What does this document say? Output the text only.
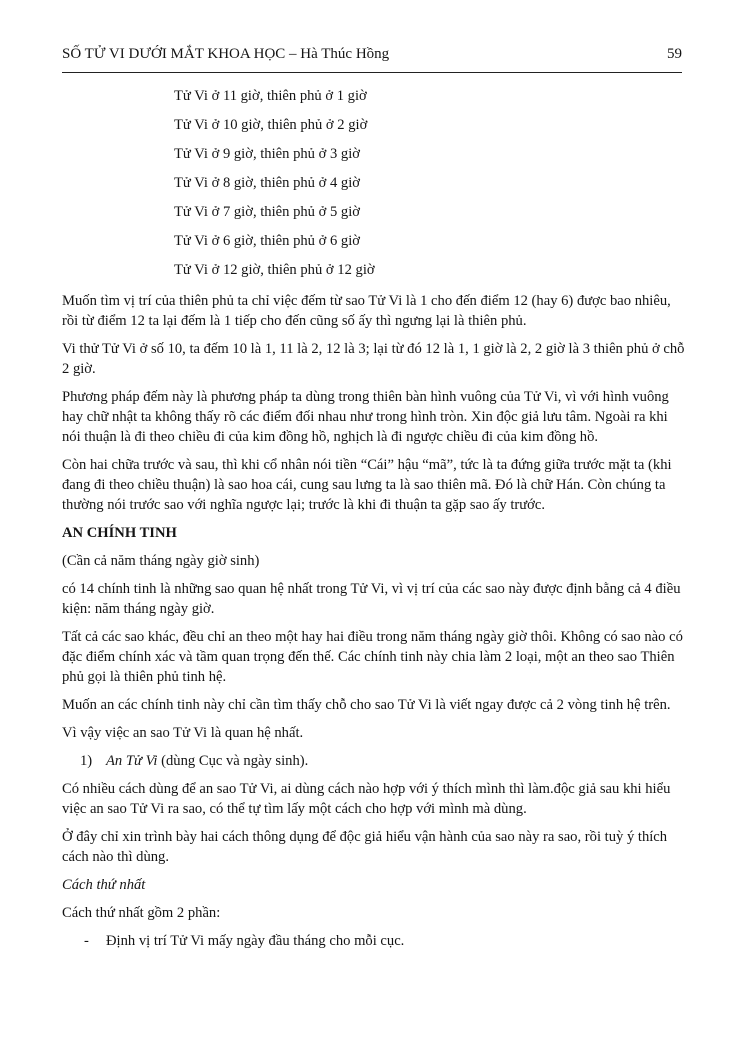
SỐ TỬ VI DƯỚI MẮT KHOA HỌC – Hà Thúc Hồng	59
Tử Vi ở 11 giờ, thiên phủ ở 1 giờ
Tử Vi ở 10 giờ, thiên phủ ở 2 giờ
Tử Vi ở 9 giờ, thiên phủ ở 3 giờ
Tử Vi ở 8 giờ, thiên phủ ở 4 giờ
Tử Vi ở 7 giờ, thiên phủ ở 5 giờ
Tử Vi ở 6 giờ, thiên phủ ở 6 giờ
Tử Vi ở 12 giờ, thiên phủ ở 12 giờ

Muốn tìm vị trí của thiên phủ ta chỉ việc đếm từ sao Tử Vi là 1 cho đến điểm 12 (hay 6) được bao nhiêu, rồi từ điểm 12 ta lại đếm là 1 tiếp cho đến cũng số ấy thì ngưng lại là thiên phủ.

Vi thử Tử Vi ở số 10, ta đếm 10 là 1, 11 là 2, 12 là 3; lại từ đó 12 là 1, 1 giờ là 2, 2 giờ là 3 thiên phủ ở chỗ 2 giờ.

Phương pháp đếm này là phương pháp ta dùng trong thiên bàn hình vuông của Tử Vi, vì với hình vuông hay chữ nhật ta không thấy rõ các điểm đối nhau như trong hình tròn. Xin độc giả lưu tâm. Ngoài ra khi nói thuận là đi theo chiều đi của kim đồng hồ, nghịch là đi ngược chiều đi của kim đồng hồ.

Còn hai chữa trước và sau, thì khi cổ nhân nói tiền “Cái” hậu “mã”, tức là ta đứng giữa trước mặt ta (khi đang đi theo chiều thuận) là sao hoa cái, cung sau lưng ta là sao thiên mã. Đó là chữ Hán. Còn chúng ta thường nói trước sao với nghĩa ngược lại; trước là khi đi thuận ta gặp sao ấy trước.

AN CHÍNH TINH

(Cần cả năm tháng ngày giờ sinh)

có 14 chính tinh là những sao quan hệ nhất trong Tử Vi, vì vị trí của các sao này được định bằng cả 4 điều kiện: năm tháng ngày giờ.

Tất cả các sao khác, đều chỉ an theo một hay hai điều trong năm tháng ngày giờ thôi. Không có sao nào có đặc điểm chính xác và tầm quan trọng đến thế. Các chính tinh này chia làm 2 loại, một an theo sao Thiên phủ gọi là thiên phủ tinh hệ.

Muốn an các chính tinh này chỉ cần tìm thấy chỗ cho sao Tử Vi là viết ngay được cả 2 vòng tinh hệ trên.

Vì vậy việc an sao Tử Vi là quan hệ nhất.

1) An Tử Vi (dùng Cục và ngày sinh).

Có nhiều cách dùng để an sao Tử Vi, ai dùng cách nào hợp với ý thích mình thì làm.độc giả sau khi hiểu việc an sao Tử Vi ra sao, có thể tự tìm lấy một cách cho hợp với mình mà dùng.

Ở đây chỉ xin trình bày hai cách thông dụng để độc giả hiểu vận hành của sao này ra sao, rồi tuỳ ý thích cách nào thì dùng.

Cách thứ nhất

Cách thứ nhất gồm 2 phần:

- Định vị trí Tử Vi mấy ngày đầu tháng cho mỗi cục.
